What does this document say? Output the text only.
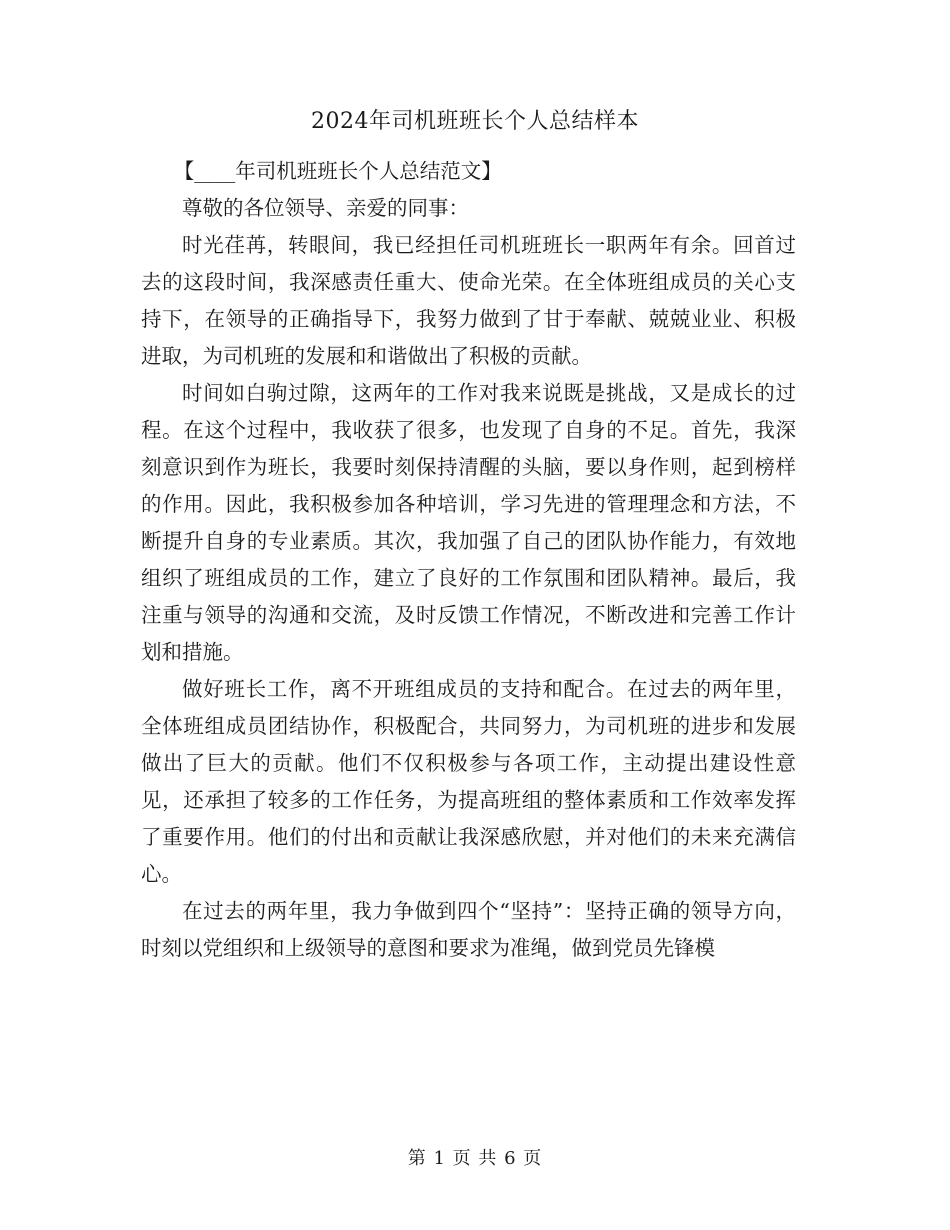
2024年司机班班长个人总结样本

【____年司机班班长个人总结范文】

尊敬的各位领导、亲爱的同事：

时光荏苒，转眼间，我已经担任司机班班长一职两年有余。回首过去的这段时间，我深感责任重大、使命光荣。在全体班组成员的关心支持下，在领导的正确指导下，我努力做到了甘于奉献、兢兢业业、积极进取，为司机班的发展和和谐做出了积极的贡献。

时间如白驹过隙，这两年的工作对我来说既是挑战，又是成长的过程。在这个过程中，我收获了很多，也发现了自身的不足。首先，我深刻意识到作为班长，我要时刻保持清醒的头脑，要以身作则，起到榜样的作用。因此，我积极参加各种培训，学习先进的管理理念和方法，不断提升自身的专业素质。其次，我加强了自己的团队协作能力，有效地组织了班组成员的工作，建立了良好的工作氛围和团队精神。最后，我注重与领导的沟通和交流，及时反馈工作情况，不断改进和完善工作计划和措施。

做好班长工作，离不开班组成员的支持和配合。在过去的两年里，全体班组成员团结协作，积极配合，共同努力，为司机班的进步和发展做出了巨大的贡献。他们不仅积极参与各项工作，主动提出建设性意见，还承担了较多的工作任务，为提高班组的整体素质和工作效率发挥了重要作用。他们的付出和贡献让我深感欣慰，并对他们的未来充满信心。

在过去的两年里，我力争做到四个“坚持”：坚持正确的领导方向，时刻以党组织和上级领导的意图和要求为准绳，做到党员先锋模

第 1 页 共 6 页
